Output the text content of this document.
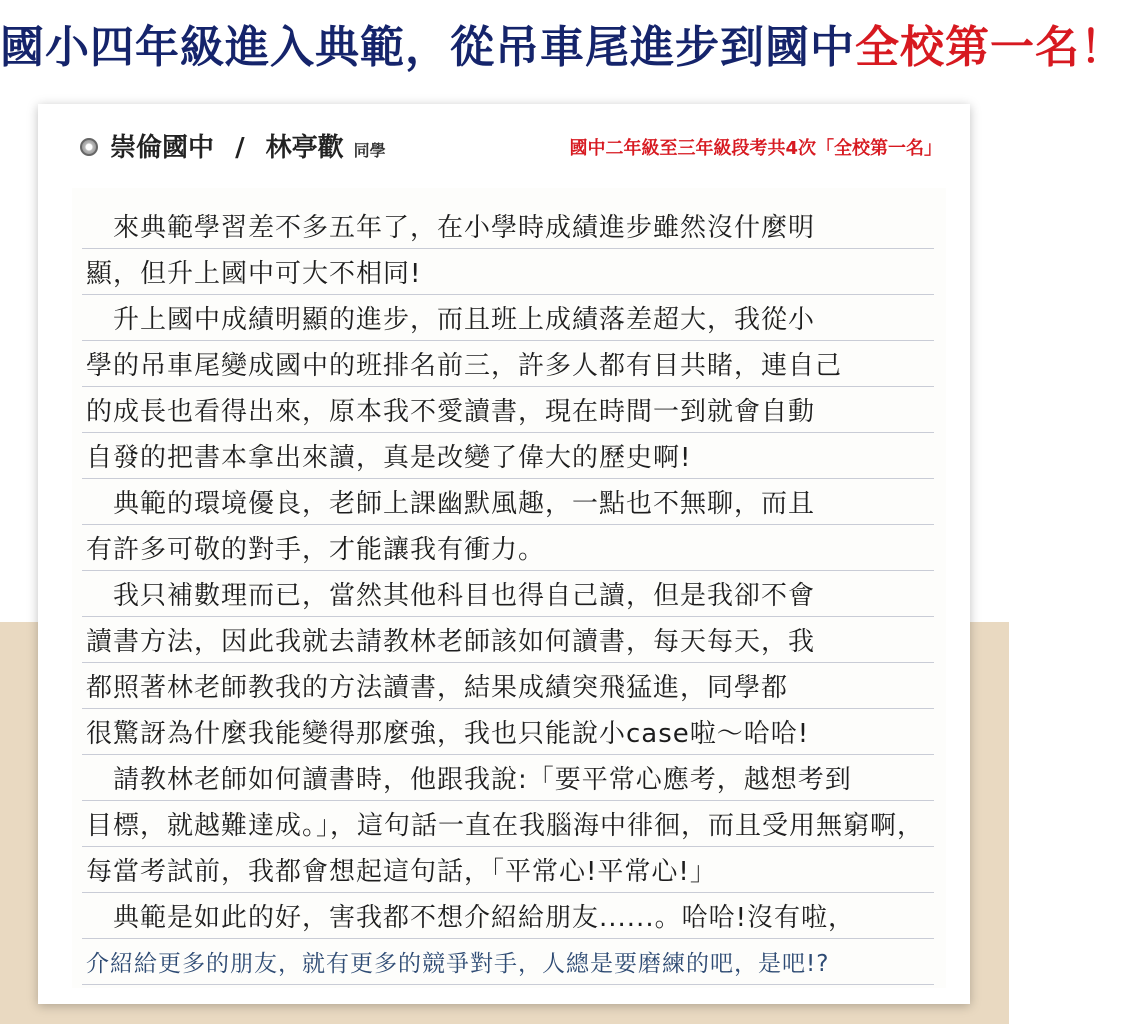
國小四年級進入典範，從吊車尾進步到國中全校第一名！
崇倫國中 / 林亭歡 同學	國中二年級至三年級段考共4次「全校第一名」
　來典範學習差不多五年了，在小學時成績進步雖然沒什麼明
顯，但升上國中可大不相同!
　升上國中成績明顯的進步，而且班上成績落差超大，我從小
學的吊車尾變成國中的班排名前三，許多人都有目共睹，連自己
的成長也看得出來，原本我不愛讀書，現在時間一到就會自動
自發的把書本拿出來讀，真是改變了偉大的歷史啊!
　典範的環境優良，老師上課幽默風趣，一點也不無聊，而且
有許多可敬的對手，才能讓我有衝力。
　我只補數理而已，當然其他科目也得自己讀，但是我卻不會
讀書方法，因此我就去請教林老師該如何讀書，每天每天，我
都照著林老師教我的方法讀書，結果成績突飛猛進，同學都
很驚訝為什麼我能變得那麼強，我也只能說小case啦～哈哈!
　請教林老師如何讀書時，他跟我說:「要平常心應考，越想考到
目標，就越難達成。」，這句話一直在我腦海中徘徊，而且受用無窮啊，
每當考試前，我都會想起這句話，「平常心!平常心!」
　典範是如此的好，害我都不想介紹給朋友......。哈哈!沒有啦，
介紹給更多的朋友，就有更多的競爭對手，人總是要磨練的吧，是吧!?
